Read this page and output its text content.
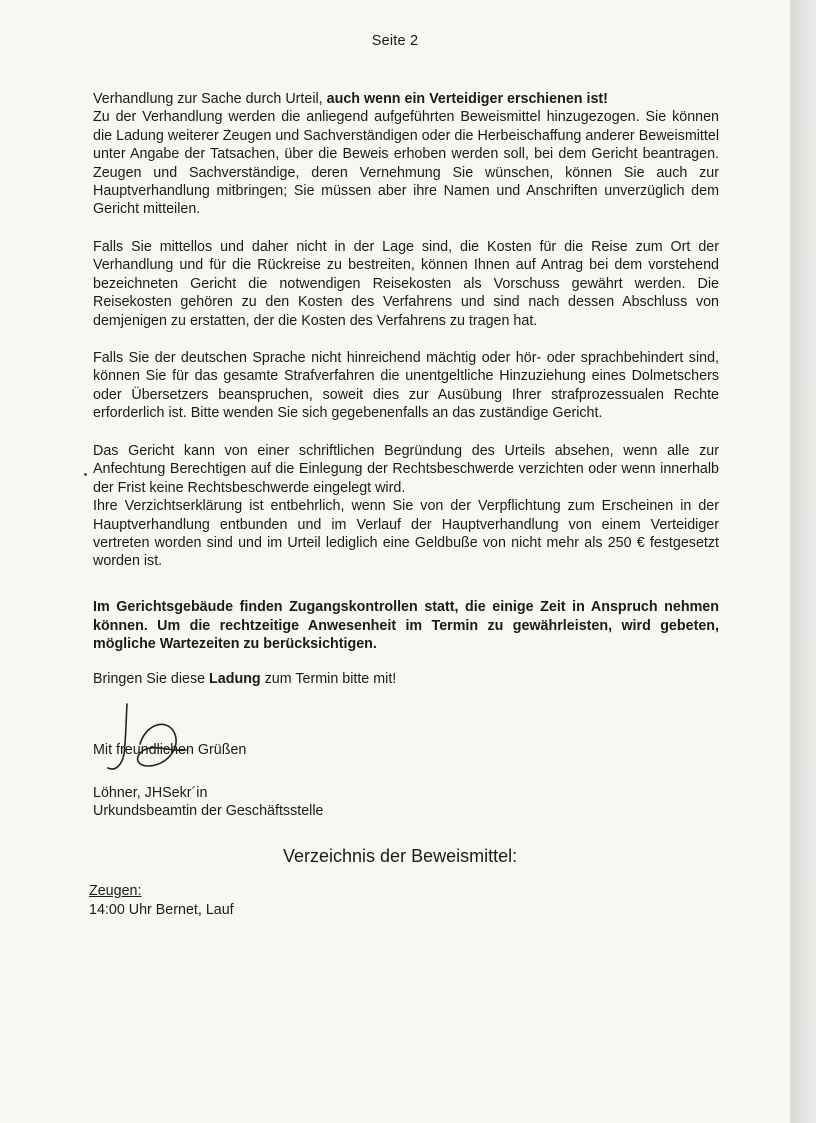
Seite 2

Verhandlung zur Sache durch Urteil, auch wenn ein Verteidiger erschienen ist!

Zu der Verhandlung werden die anliegend aufgeführten Beweismittel hinzugezogen. Sie können die Ladung weiterer Zeugen und Sachverständigen oder die Herbeischaffung anderer Beweismittel unter Angabe der Tatsachen, über die Beweis erhoben werden soll, bei dem Gericht beantragen. Zeugen und Sachverständige, deren Vernehmung Sie wünschen, können Sie auch zur Hauptverhandlung mitbringen; Sie müssen aber ihre Namen und Anschriften unverzüglich dem Gericht mitteilen.

Falls Sie mittellos und daher nicht in der Lage sind, die Kosten für die Reise zum Ort der Verhandlung und für die Rückreise zu bestreiten, können Ihnen auf Antrag bei dem vorstehend bezeichneten Gericht die notwendigen Reisekosten als Vorschuss gewährt werden. Die Reisekosten gehören zu den Kosten des Verfahrens und sind nach dessen Abschluss von demjenigen zu erstatten, der die Kosten des Verfahrens zu tragen hat.
Falls Sie der deutschen Sprache nicht hinreichend mächtig oder hör- oder sprachbehindert sind, können Sie für das gesamte Strafverfahren die unentgeltliche Hinzuziehung eines Dolmetschers oder Übersetzers beanspruchen, soweit dies zur Ausübung Ihrer strafprozessualen Rechte erforderlich ist. Bitte wenden Sie sich gegebenenfalls an das zuständige Gericht.

Das Gericht kann von einer schriftlichen Begründung des Urteils absehen, wenn alle zur Anfechtung Berechtigen auf die Einlegung der Rechtsbeschwerde verzichten oder wenn innerhalb der Frist keine Rechtsbeschwerde eingelegt wird.

Ihre Verzichtserklärung ist entbehrlich, wenn Sie von der Verpflichtung zum Erscheinen in der Hauptverhandlung entbunden und im Verlauf der Hauptverhandlung von einem Verteidiger vertreten worden sind und im Urteil lediglich eine Geldbuße von nicht mehr als 250 € festgesetzt worden ist.

Im Gerichtsgebäude finden Zugangskontrollen statt, die einige Zeit in Anspruch nehmen können. Um die rechtzeitige Anwesenheit im Termin zu gewährleisten, wird gebeten, mögliche Wartezeiten zu berücksichtigen.
Bringen Sie diese Ladung zum Termin bitte mit!
Mit freundlichen Grüßen
Löhner, JHSekr´in
Urkundsbeamtin der Geschäftsstelle
Verzeichnis der Beweismittel:
Zeugen:
14:00 Uhr Bernet, Lauf
